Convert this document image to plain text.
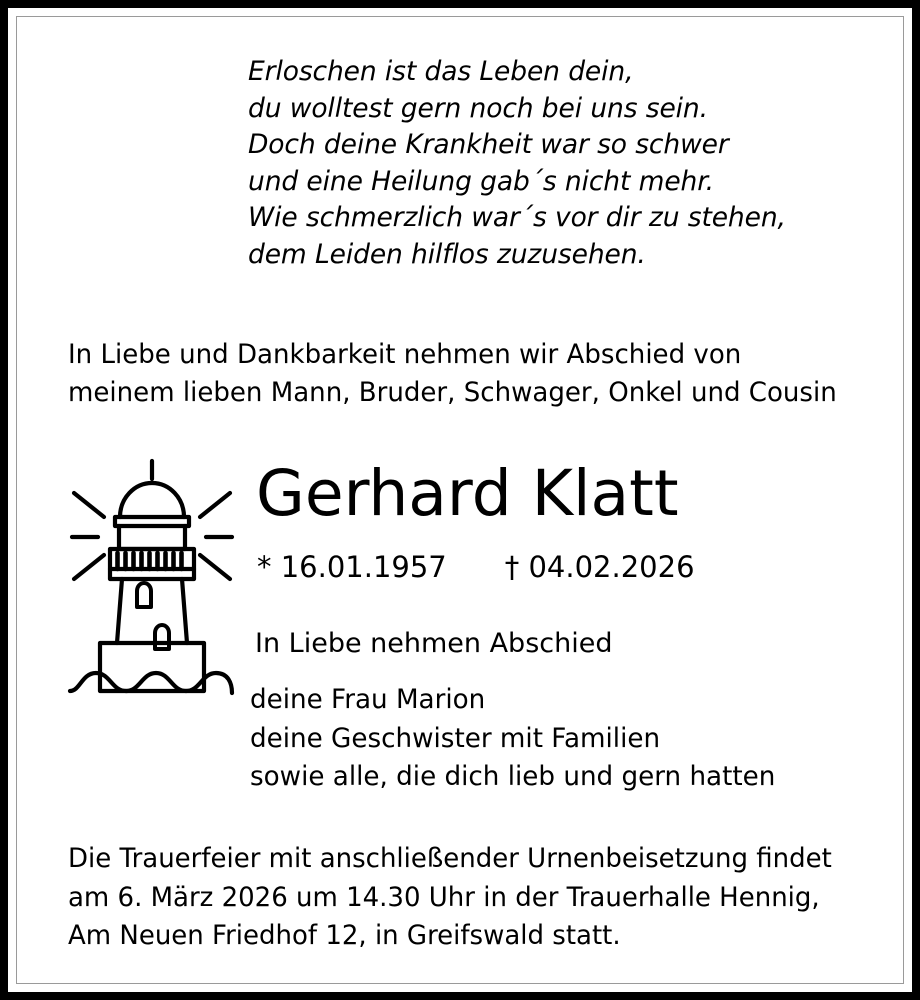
Erloschen ist das Leben dein,
du wolltest gern noch bei uns sein.
Doch deine Krankheit war so schwer
und eine Heilung gab´s nicht mehr.
Wie schmerzlich war´s vor dir zu stehen,
dem Leiden hilflos zuzusehen.
In Liebe und Dankbarkeit nehmen wir Abschied von
meinem lieben Mann, Bruder, Schwager, Onkel und Cousin
Gerhard Klatt
* 16.01.1957 † 04.02.2026
In Liebe nehmen Abschied
deine Frau Marion
deine Geschwister mit Familien
sowie alle, die dich lieb und gern hatten
Die Trauerfeier mit anschließender Urnenbeisetzung findet
am 6. März 2026 um 14.30 Uhr in der Trauerhalle Hennig,
Am Neuen Friedhof 12, in Greifswald statt.
